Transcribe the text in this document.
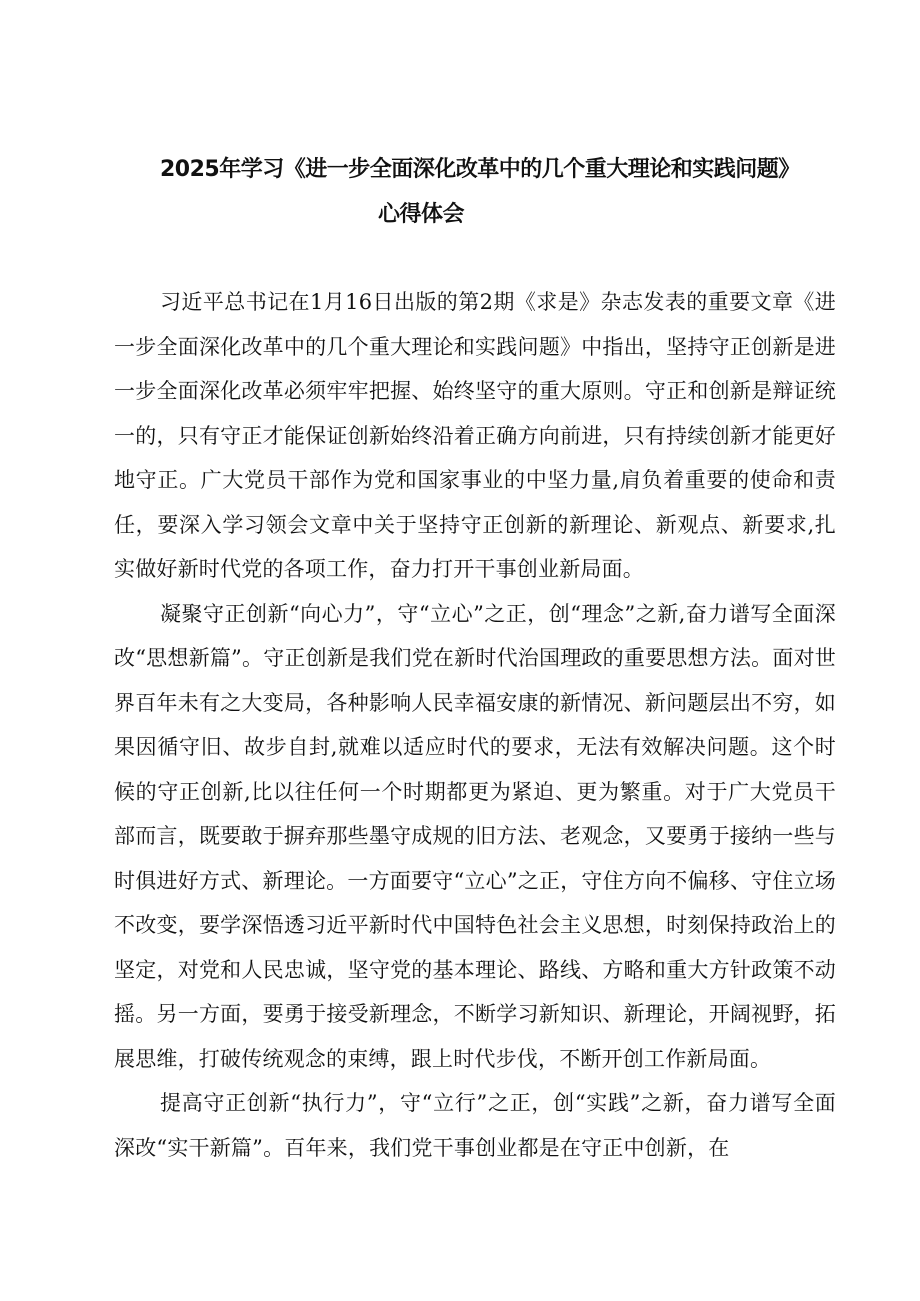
2025年学习《进一步全面深化改革中的几个重大理论和实践问题》
心得体会

习近平总书记在1月16日出版的第2期《求是》杂志发表的重要文章《进一步全面深化改革中的几个重大理论和实践问题》中指出，坚持守正创新是进一步全面深化改革必须牢牢把握、始终坚守的重大原则。守正和创新是辩证统一的，只有守正才能保证创新始终沿着正确方向前进，只有持续创新才能更好地守正。广大党员干部作为党和国家事业的中坚力量,肩负着重要的使命和责任，要深入学习领会文章中关于坚持守正创新的新理论、新观点、新要求,扎实做好新时代党的各项工作，奋力打开干事创业新局面。

凝聚守正创新“向心力”，守“立心”之正，创“理念”之新,奋力谱写全面深改“思想新篇”。守正创新是我们党在新时代治国理政的重要思想方法。面对世界百年未有之大变局，各种影响人民幸福安康的新情况、新问题层出不穷，如果因循守旧、故步自封,就难以适应时代的要求，无法有效解决问题。这个时候的守正创新,比以往任何一个时期都更为紧迫、更为繁重。对于广大党员干部而言，既要敢于摒弃那些墨守成规的旧方法、老观念，又要勇于接纳一些与时俱进好方式、新理论。一方面要守“立心”之正，守住方向不偏移、守住立场不改变，要学深悟透习近平新时代中国特色社会主义思想，时刻保持政治上的坚定，对党和人民忠诚，坚守党的基本理论、路线、方略和重大方针政策不动摇。另一方面，要勇于接受新理念，不断学习新知识、新理论，开阔视野，拓展思维，打破传统观念的束缚，跟上时代步伐，不断开创工作新局面。

提高守正创新“执行力”，守“立行”之正，创“实践”之新，奋力谱写全面深改“实干新篇”。百年来，我们党干事创业都是在守正中创新，在
